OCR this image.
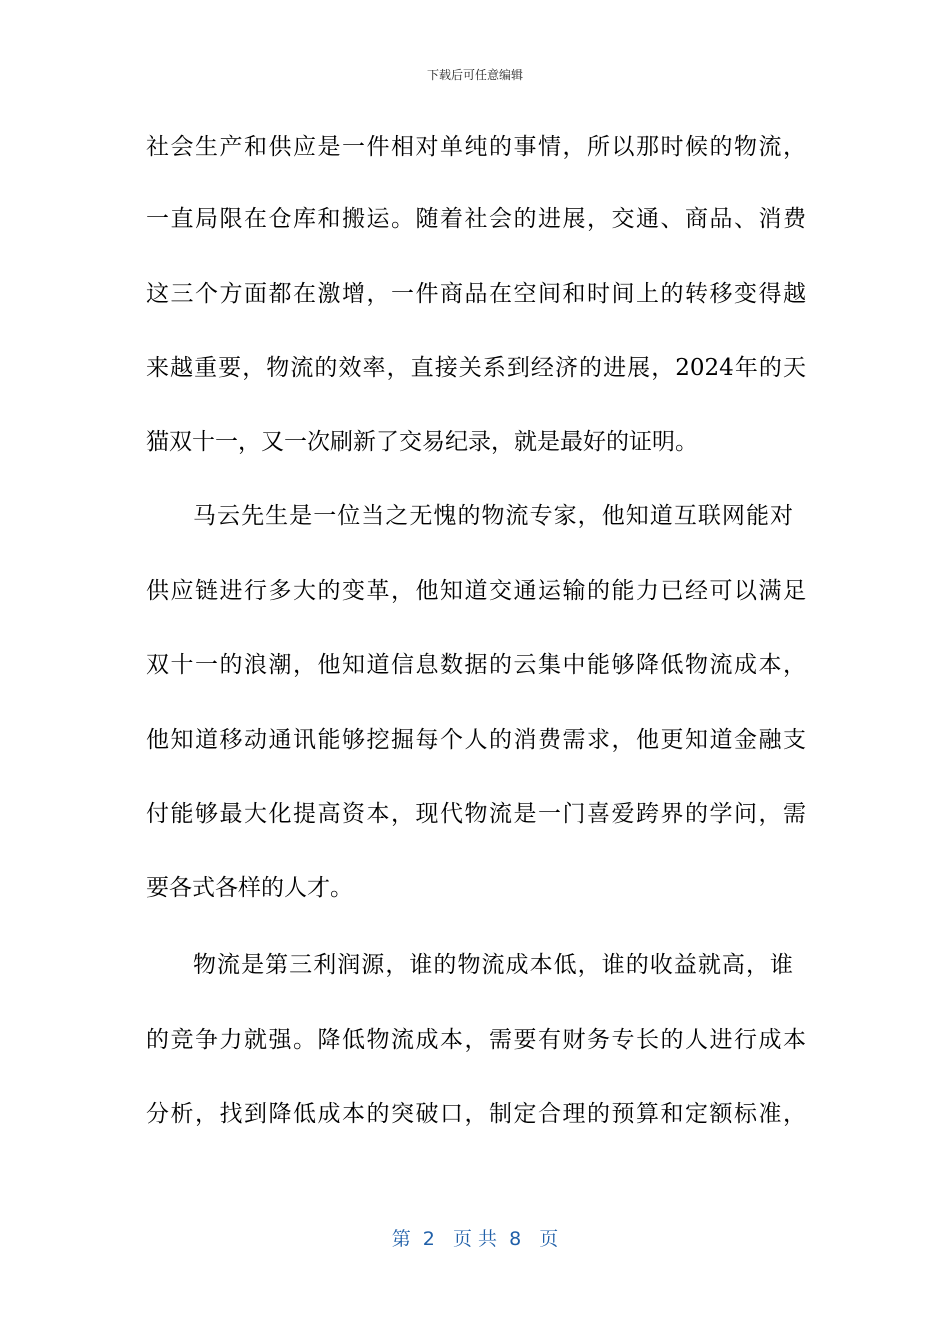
下载后可任意编辑
社会生产和供应是一件相对单纯的事情，所以那时候的物流，
一直局限在仓库和搬运。随着社会的进展，交通、商品、消费
这三个方面都在激增，一件商品在空间和时间上的转移变得越
来越重要，物流的效率，直接关系到经济的进展，2024年的天
猫双十一，又一次刷新了交易纪录，就是最好的证明。
马云先生是一位当之无愧的物流专家，他知道互联网能对
供应链进行多大的变革，他知道交通运输的能力已经可以满足
双十一的浪潮，他知道信息数据的云集中能够降低物流成本，
他知道移动通讯能够挖掘每个人的消费需求，他更知道金融支
付能够最大化提高资本，现代物流是一门喜爱跨界的学问，需
要各式各样的人才。
物流是第三利润源，谁的物流成本低，谁的收益就高，谁
的竞争力就强。降低物流成本，需要有财务专长的人进行成本
分析，找到降低成本的突破口，制定合理的预算和定额标准，
第  2   页 共  8   页
